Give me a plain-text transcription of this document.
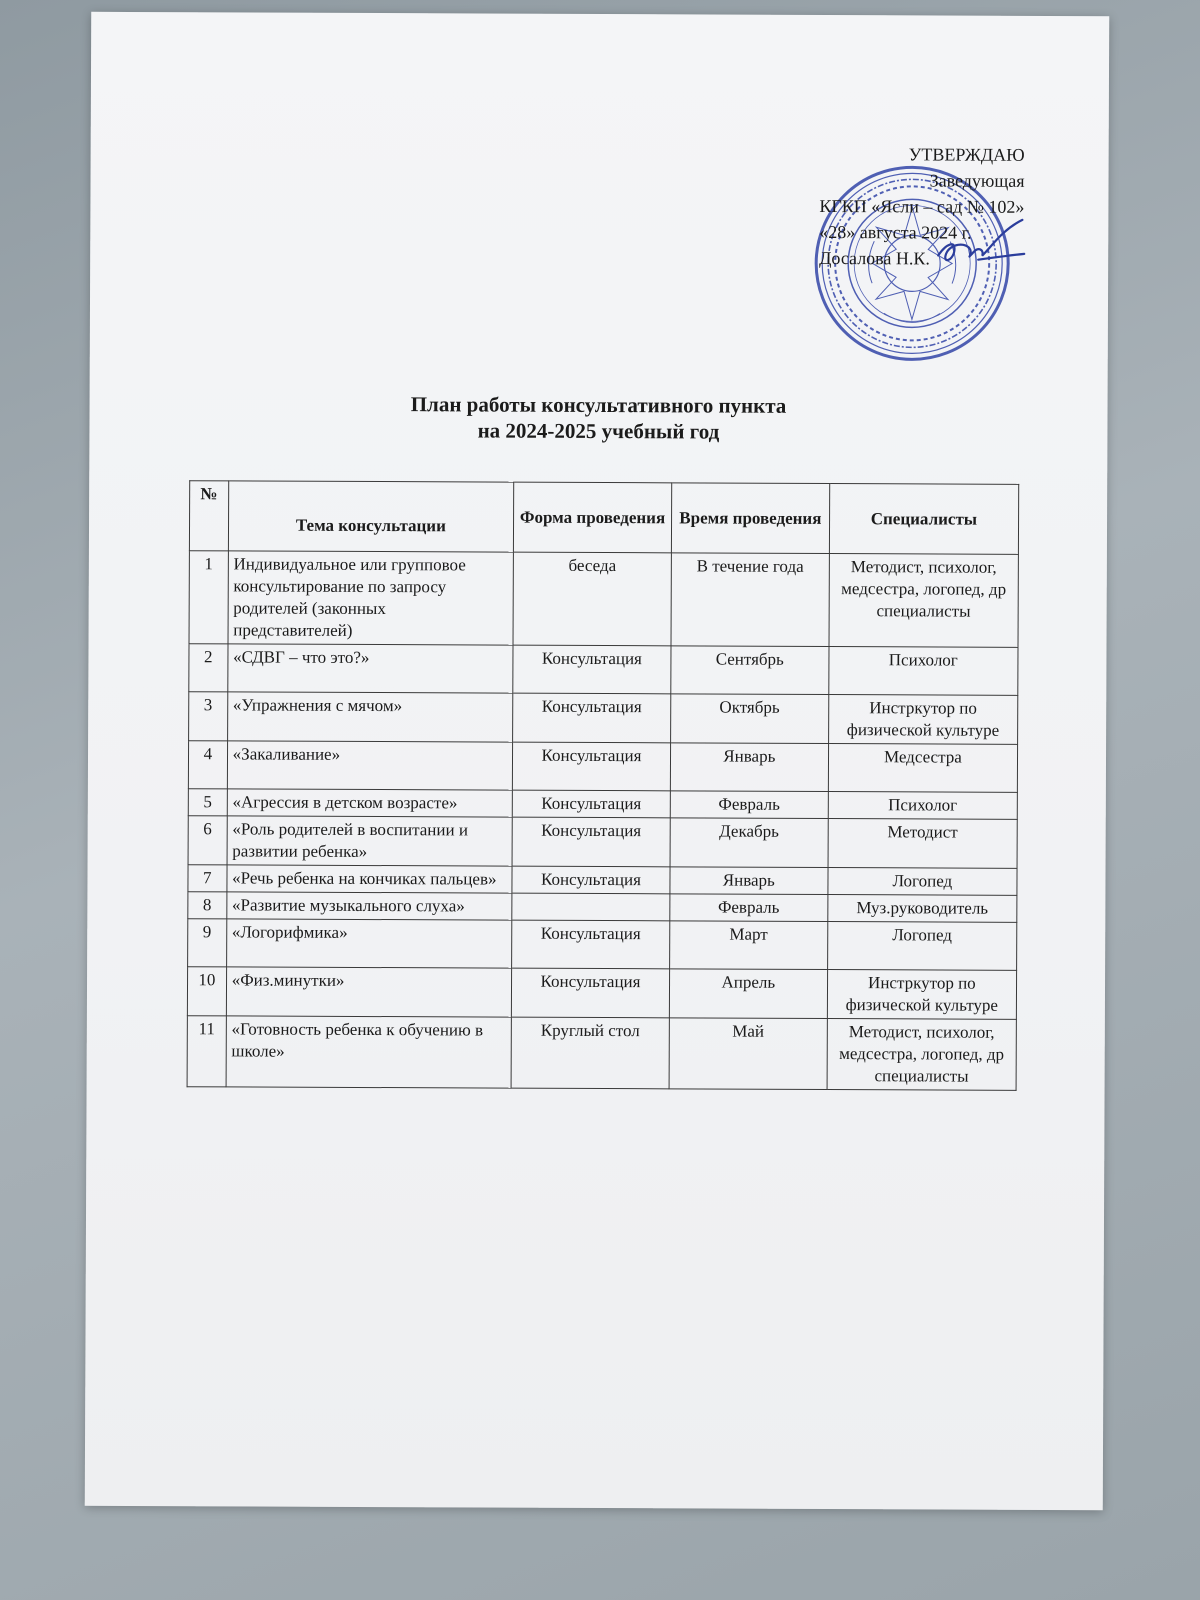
УТВЕРЖДАЮ
Заведующая
КГКП «Ясли – сад № 102»
«28» августа 2024 г.
Досалова Н.К.
План работы консультативного пункта
на 2024-2025 учебный год
№	Тема консультации	Форма проведения	Время проведения	Специалисты
1	Индивидуальное или групповое консультирование по запросу родителей (законных представителей)	беседа	В течение года	Методист, психолог, медсестра, логопед, др специалисты
2	«СДВГ – что это?»	Консультация	Сентябрь	Психолог
3	«Упражнения с мячом»	Консультация	Октябрь	Инстркутор по физической культуре
4	«Закаливание»	Консультация	Январь	Медсестра
5	«Агрессия в детском возрасте»	Консультация	Февраль	Психолог
6	«Роль родителей в воспитании и развитии ребенка»	Консультация	Декабрь	Методист
7	«Речь ребенка на кончиках пальцев»	Консультация	Январь	Логопед
8	«Развитие музыкального слуха»		Февраль	Муз.руководитель
9	«Логорифмика»	Консультация	Март	Логопед
10	«Физ.минутки»	Консультация	Апрель	Инстркутор по физической культуре
11	«Готовность ребенка к обучению в школе»	Круглый стол	Май	Методист, психолог, медсестра, логопед, др специалисты
